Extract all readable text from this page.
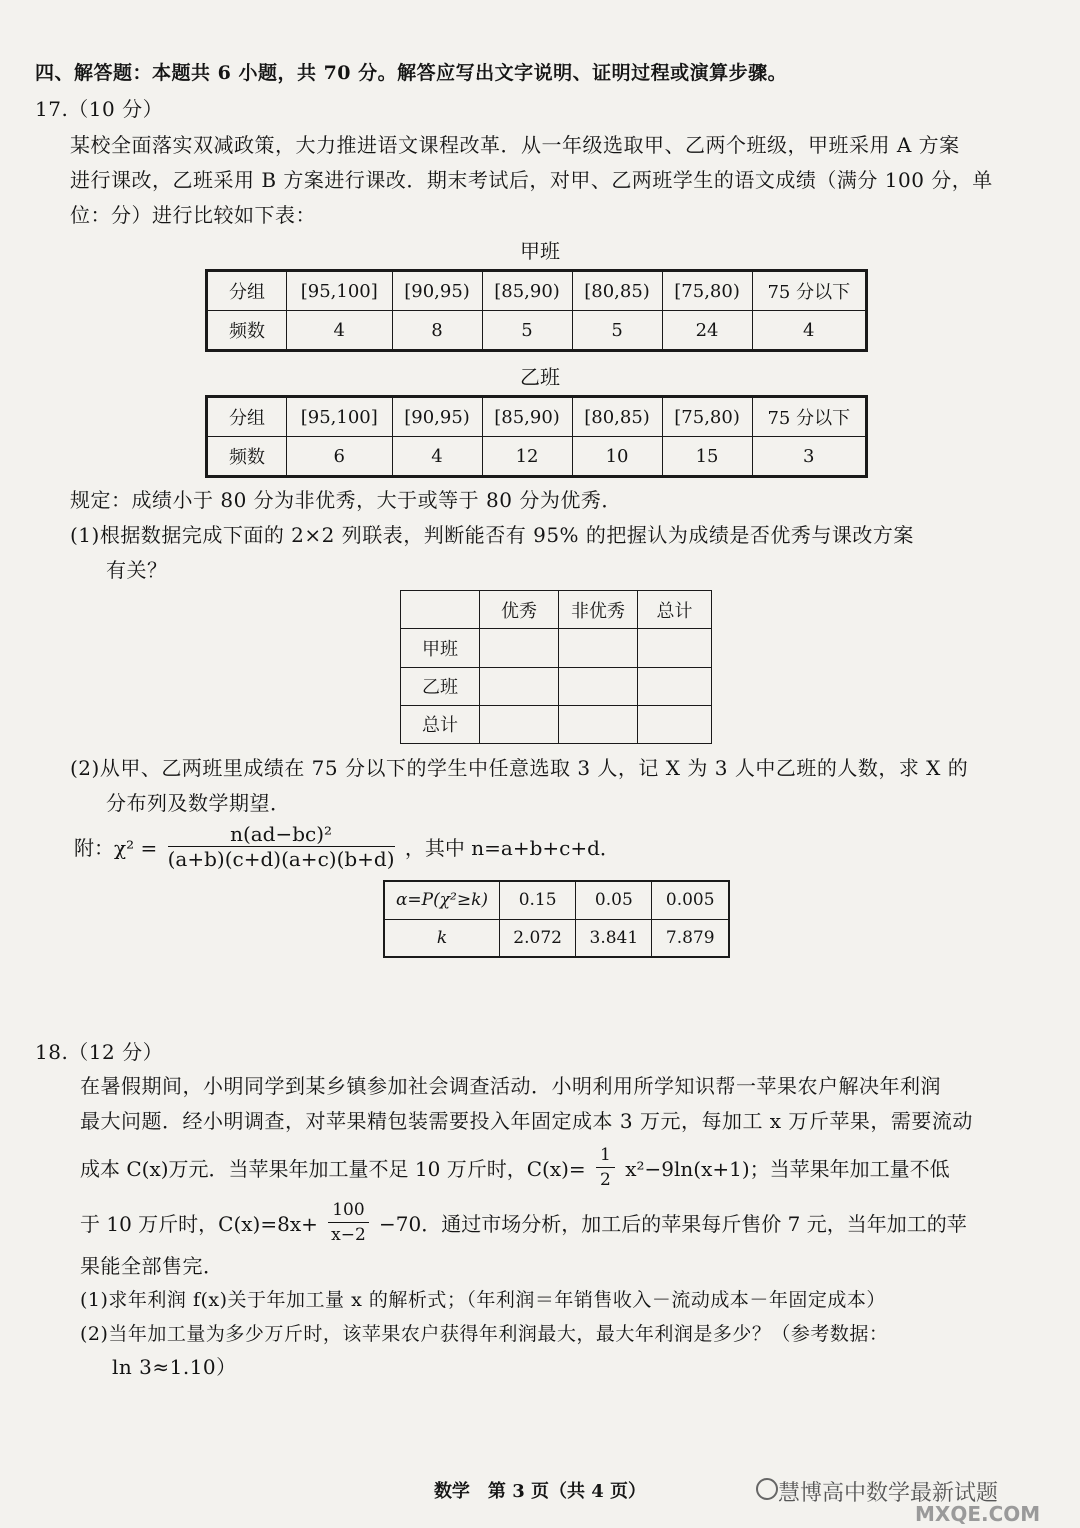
四、解答题：本题共 6 小题，共 70 分。解答应写出文字说明、证明过程或演算步骤。
17.（10 分）
某校全面落实双减政策，大力推进语文课程改革．从一年级选取甲、乙两个班级，甲班采用 A 方案
进行课改，乙班采用 B 方案进行课改．期末考试后，对甲、乙两班学生的语文成绩（满分 100 分，单
位：分）进行比较如下表：
甲班
分组	[95,100]	[90,95)	[85,90)	[80,85)	[75,80)	75 分以下
频数	4	8	5	5	24	4
乙班
分组	[95,100]	[90,95)	[85,90)	[80,85)	[75,80)	75 分以下
频数	6	4	12	10	15	3
规定：成绩小于 80 分为非优秀，大于或等于 80 分为优秀．
(1)根据数据完成下面的 2×2 列联表，判断能否有 95% 的把握认为成绩是否优秀与课改方案
有关？
	优秀	非优秀	总计
甲班			
乙班			
总计			
(2)从甲、乙两班里成绩在 75 分以下的学生中任意选取 3 人，记 X 为 3 人中乙班的人数，求 X 的
分布列及数学期望．
附：$\chi^2 = \frac{\text{n(ad−bc)²}}{(a+b)(c+d)(a+c)(b+d)}$ ，其中 n=a+b+c+d．
α=P(χ²≥k)	0.15	0.05	0.005
k	2.072	3.841	7.879
18.（12 分）
在暑假期间，小明同学到某乡镇参加社会调查活动．小明利用所学知识帮一苹果农户解决年利润
最大问题．经小明调查，对苹果精包装需要投入年固定成本 3 万元，每加工 x 万斤苹果，需要流动
成本 C(x)万元．当苹果年加工量不足 10 万斤时，$C(x)= \frac{1}{2} x^2-9\ln(x+1)$；当苹果年加工量不低
于 10 万斤时，$C(x)=8x+ \frac{100}{x-2} -70$．通过市场分析，加工后的苹果每斤售价 7 元，当年加工的苹
果能全部售完．
(1)求年利润 f(x)关于年加工量 x 的解析式；（年利润＝年销售收入－流动成本－年固定成本）
(2)当年加工量为多少万斤时，该苹果农户获得年利润最大，最大年利润是多少？（参考数据：
ln 3≈1.10）
数学　第 3 页（共 4 页）	慧博高中数学最新试题
MXQE.COM
